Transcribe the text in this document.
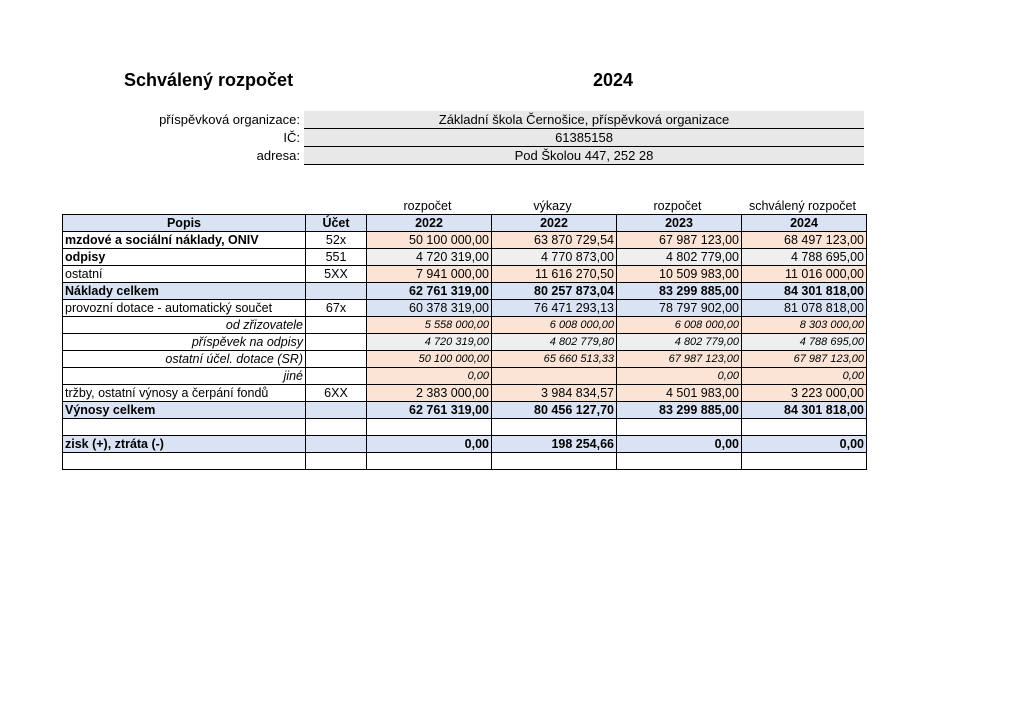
Schválený rozpočet	2024
příspěvková organizace:	Základní škola Černošice, příspěvková organizace
IČ:	61385158
adresa:	Pod Školou 447, 252 28
rozpočet	výkazy	rozpočet	schválený rozpočet
Popis	Účet	2022	2022	2023	2024
mzdové a sociální náklady, ONIV	52x	50 100 000,00	63 870 729,54	67 987 123,00	68 497 123,00
odpisy	551	4 720 319,00	4 770 873,00	4 802 779,00	4 788 695,00
ostatní	5XX	7 941 000,00	11 616 270,50	10 509 983,00	11 016 000,00
Náklady celkem		62 761 319,00	80 257 873,04	83 299 885,00	84 301 818,00
provozní dotace - automatický součet	67x	60 378 319,00	76 471 293,13	78 797 902,00	81 078 818,00
od zřizovatele		5 558 000,00	6 008 000,00	6 008 000,00	8 303 000,00
příspěvek na odpisy		4 720 319,00	4 802 779,80	4 802 779,00	4 788 695,00
ostatní účel. dotace (SR)		50 100 000,00	65 660 513,33	67 987 123,00	67 987 123,00
jiné		0,00		0,00	0,00
tržby, ostatní výnosy a čerpání fondů	6XX	2 383 000,00	3 984 834,57	4 501 983,00	3 223 000,00
Výnosy celkem		62 761 319,00	80 456 127,70	83 299 885,00	84 301 818,00

zisk (+), ztráta (-)		0,00	198 254,66	0,00	0,00
